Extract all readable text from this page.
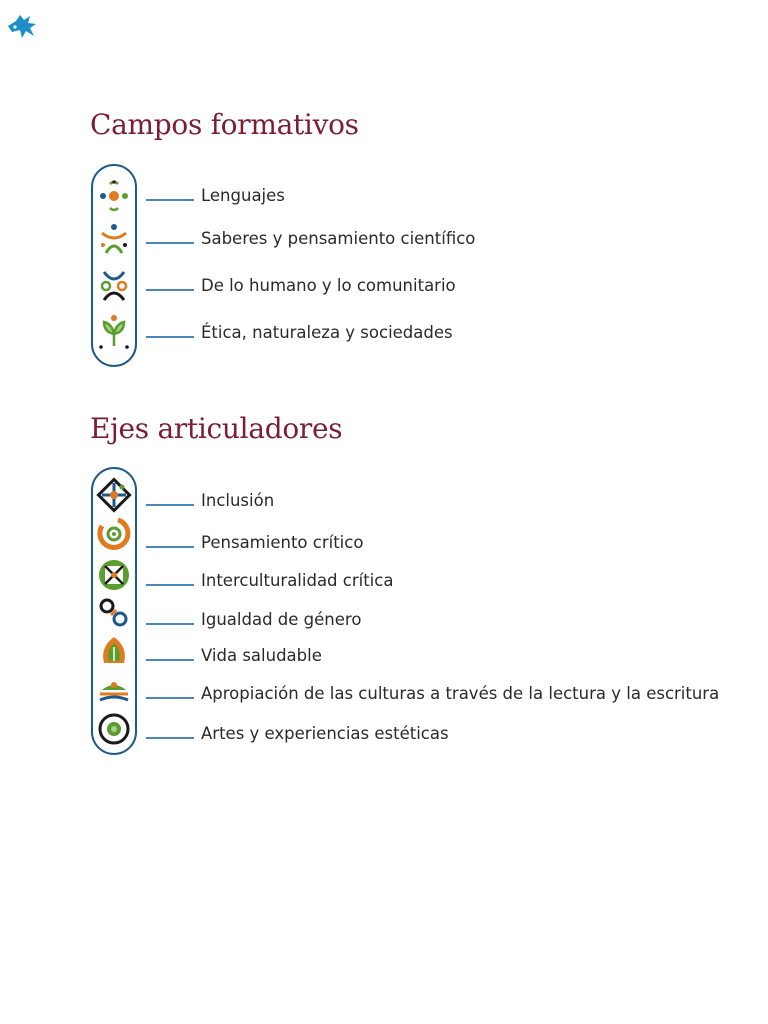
Campos formativos
Lenguajes
Saberes y pensamiento científico
De lo humano y lo comunitario
Ética, naturaleza y sociedades
Ejes articuladores
Inclusión
Pensamiento crítico
Interculturalidad crítica
Igualdad de género
Vida saludable
Apropiación de las culturas a través de la lectura y la escritura
Artes y experiencias estéticas
